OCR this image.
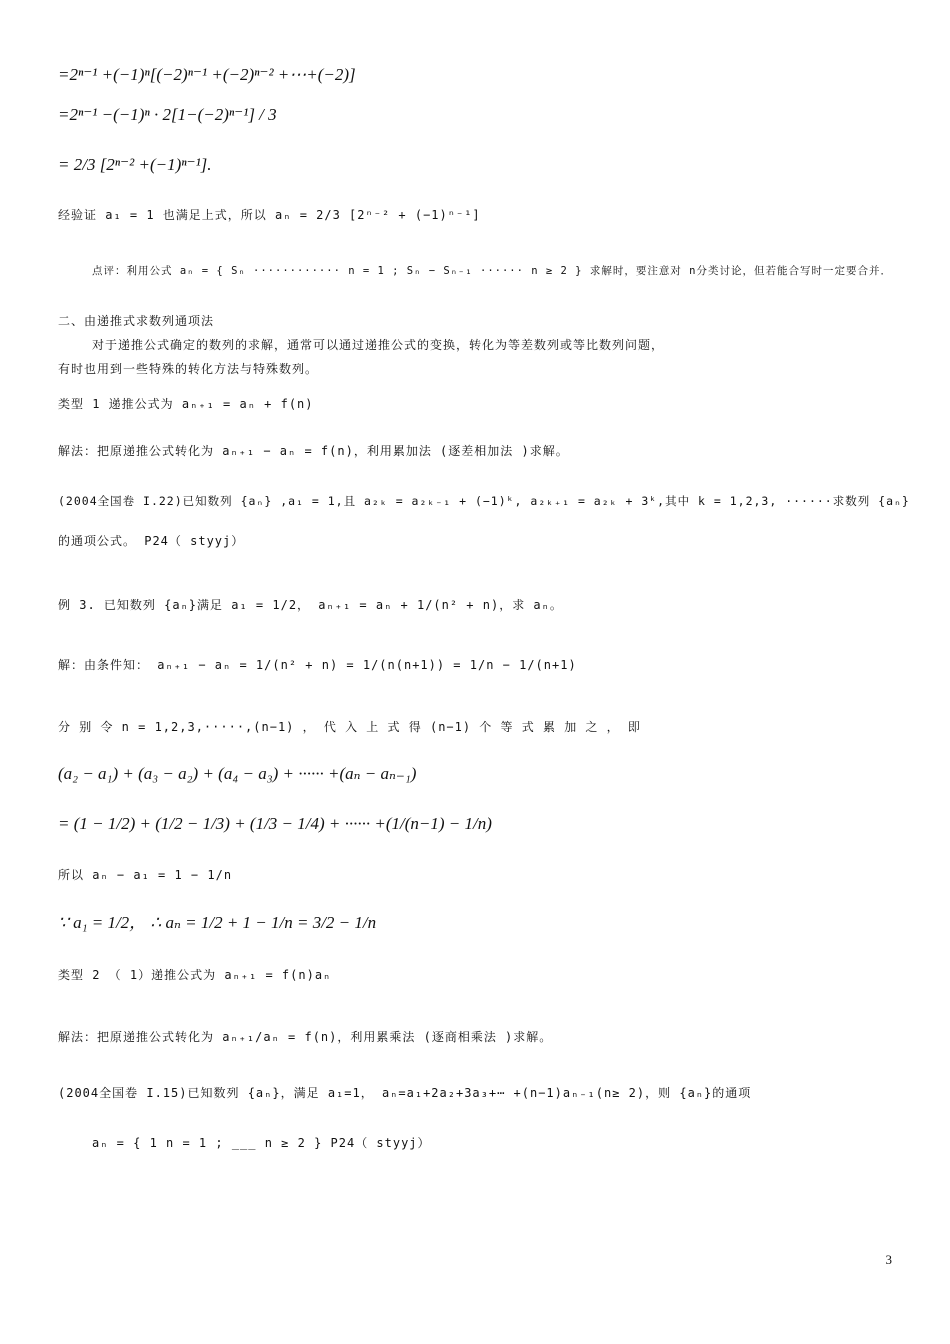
=2ⁿ⁻¹ +(−1)ⁿ[(−2)ⁿ⁻¹ +(−2)ⁿ⁻² +⋯+(−2)]
=2ⁿ⁻¹ −(−1)ⁿ · 2[1−(−2)ⁿ⁻¹] / 3
= 2/3 [2ⁿ⁻² +(−1)ⁿ⁻¹].
经验证 a₁ = 1 也满足上式，所以 aₙ = 2/3 [2ⁿ⁻² + (−1)ⁿ⁻¹]
点评：利用公式 aₙ = { Sₙ ············ n = 1 ; Sₙ − Sₙ₋₁ ······ n ≥ 2 } 求解时，要注意对 n分类讨论，但若能合写时一定要合并．
二、由递推式求数列通项法
对于递推公式确定的数列的求解，通常可以通过递推公式的变换，转化为等差数列或等比数列问题，
有时也用到一些特殊的转化方法与特殊数列。
类型 1 递推公式为 aₙ₊₁ = aₙ + f(n)
解法：把原递推公式转化为 aₙ₊₁ − aₙ = f(n)，利用累加法 (逐差相加法 )求解。
(2004全国卷 I.22)已知数列 {aₙ} ,a₁ = 1,且 a₂ₖ = a₂ₖ₋₁ + (−1)ᵏ, a₂ₖ₊₁ = a₂ₖ + 3ᵏ,其中 k = 1,2,3, ······求数列 {aₙ}
的通项公式。 P24（ styyj）
例 3. 已知数列 {aₙ}满足 a₁ = 1/2， aₙ₊₁ = aₙ + 1/(n² + n)，求 aₙ。
解：由条件知： aₙ₊₁ − aₙ = 1/(n² + n) = 1/(n(n+1)) = 1/n − 1/(n+1)
分 别 令 n = 1,2,3,·····,(n−1) ， 代 入 上 式 得 (n−1) 个 等 式 累 加 之 ， 即
(a₂ − a₁) + (a₃ − a₂) + (a₄ − a₃) + ······ +(aₙ − aₙ₋₁)
= (1 − 1/2) + (1/2 − 1/3) + (1/3 − 1/4) + ······ +(1/(n−1) − 1/n)
所以 aₙ − a₁ = 1 − 1/n
∵ a₁ = 1/2， ∴ aₙ = 1/2 + 1 − 1/n = 3/2 − 1/n
类型 2 （ 1）递推公式为 aₙ₊₁ = f(n)aₙ
解法：把原递推公式转化为 aₙ₊₁/aₙ = f(n)，利用累乘法 (逐商相乘法 )求解。
(2004全国卷 I.15)已知数列 {aₙ}，满足 a₁=1， aₙ=a₁+2a₂+3a₃+⋯ +(n−1)aₙ₋₁(n≥ 2)，则 {aₙ}的通项
aₙ = { 1 n = 1 ; ___ n ≥ 2 } P24（ styyj）
3
